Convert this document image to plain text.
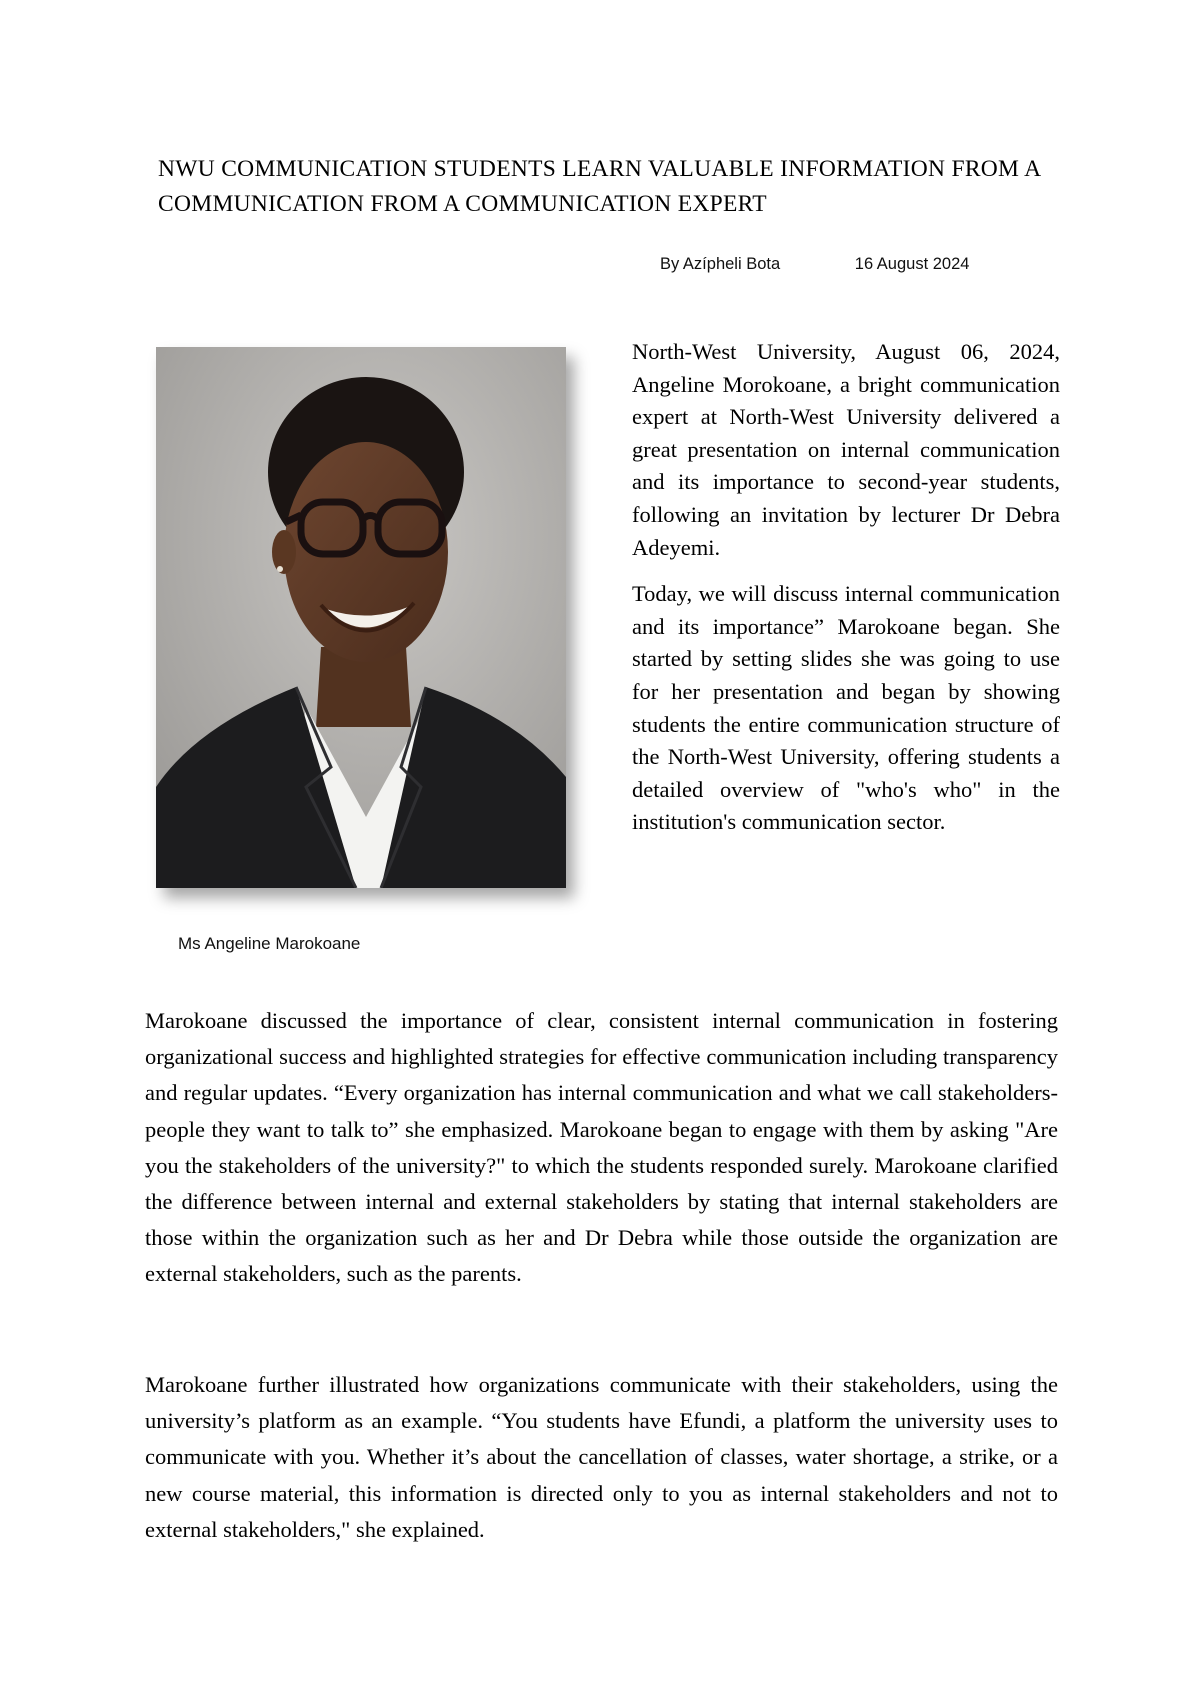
NWU COMMUNICATION STUDENTS LEARN VALUABLE INFORMATION FROM A COMMUNICATION FROM A COMMUNICATION EXPERT
By Azípheli Bota	16 August 2024
Ms Angeline Marokoane

North-West University, August 06, 2024, Angeline Morokoane, a bright communication expert at North-West University delivered a great presentation on internal communication and its importance to second-year students, following an invitation by lecturer Dr Debra Adeyemi.

Today, we will discuss internal communication and its importance” Marokoane began. She started by setting slides she was going to use for her presentation and began by showing students the entire communication structure of the North-West University, offering students a detailed overview of "who's who" in the institution's communication sector.

Marokoane discussed the importance of clear, consistent internal communication in fostering organizational success and highlighted strategies for effective communication including transparency and regular updates. “Every organization has internal communication and what we call stakeholders- people they want to talk to” she emphasized. Marokoane began to engage with them by asking "Are you the stakeholders of the university?" to which the students responded surely. Marokoane clarified the difference between internal and external stakeholders by stating that internal stakeholders are those within the organization such as her and Dr Debra while those outside the organization are external stakeholders, such as the parents.

Marokoane further illustrated how organizations communicate with their stakeholders, using the university’s platform as an example. “You students have Efundi, a platform the university uses to communicate with you. Whether it’s about the cancellation of classes, water shortage, a strike, or a new course material, this information is directed only to you as internal stakeholders and not to external stakeholders," she explained.
